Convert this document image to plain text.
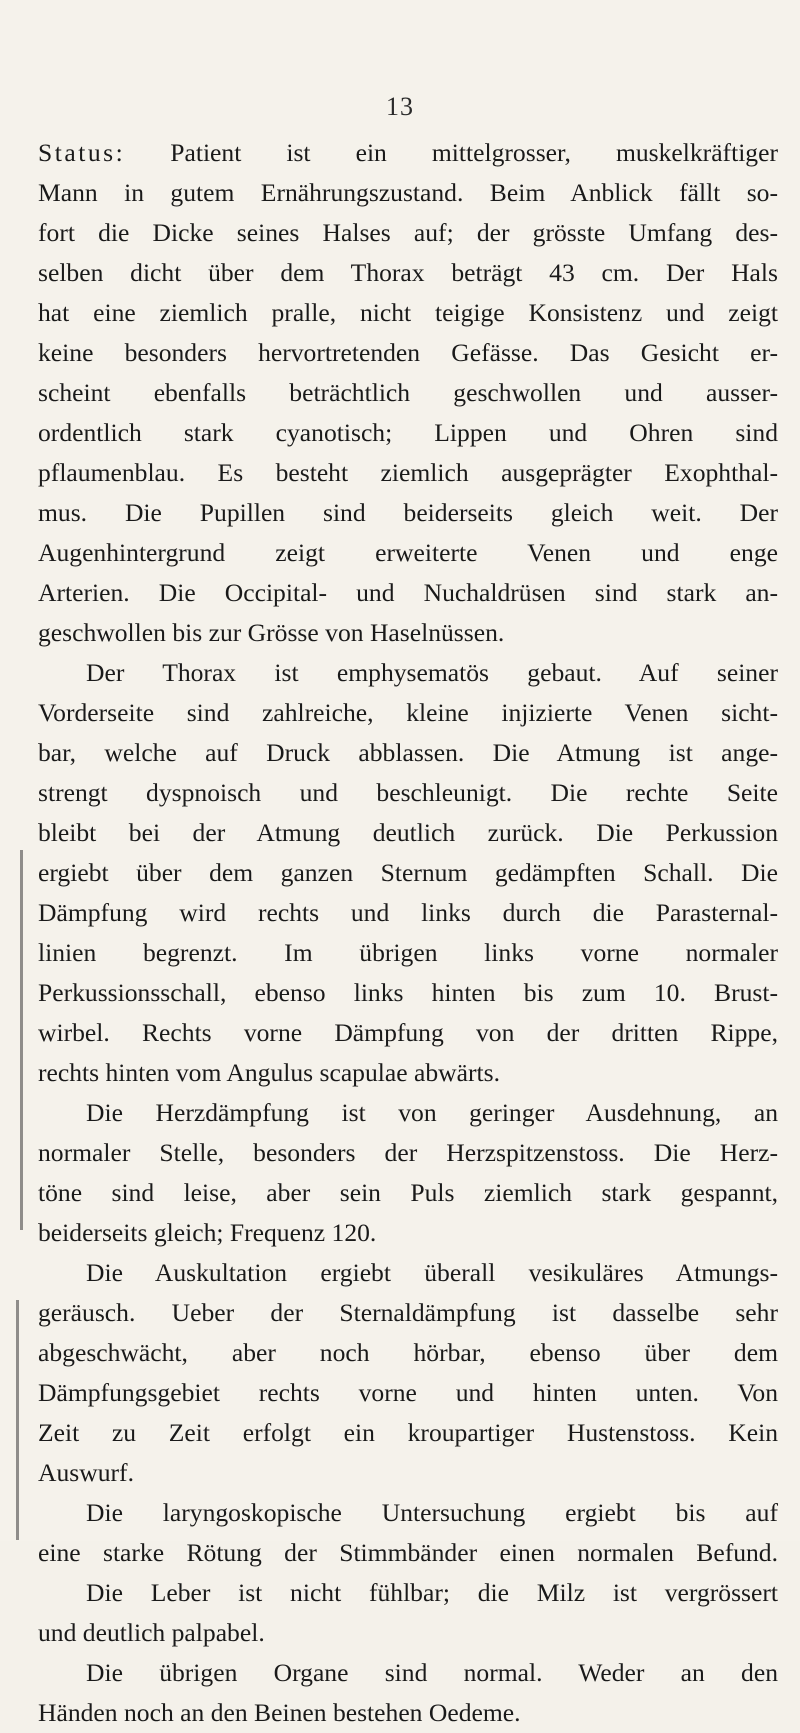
13
Status: Patient ist ein mittelgrosser, muskelkräftiger
Mann in gutem Ernährungszustand. Beim Anblick fällt so-
fort die Dicke seines Halses auf; der grösste Umfang des-
selben dicht über dem Thorax beträgt 43 cm. Der Hals
hat eine ziemlich pralle, nicht teigige Konsistenz und zeigt
keine besonders hervortretenden Gefässe. Das Gesicht er-
scheint ebenfalls beträchtlich geschwollen und ausser-
ordentlich stark cyanotisch; Lippen und Ohren sind
pflaumenblau. Es besteht ziemlich ausgeprägter Exophthal-
mus. Die Pupillen sind beiderseits gleich weit. Der
Augenhintergrund zeigt erweiterte Venen und enge
Arterien. Die Occipital- und Nuchaldrüsen sind stark an-
geschwollen bis zur Grösse von Haselnüssen.
Der Thorax ist emphysematös gebaut. Auf seiner
Vorderseite sind zahlreiche, kleine injizierte Venen sicht-
bar, welche auf Druck abblassen. Die Atmung ist ange-
strengt dyspnoisch und beschleunigt. Die rechte Seite
bleibt bei der Atmung deutlich zurück. Die Perkussion
ergiebt über dem ganzen Sternum gedämpften Schall. Die
Dämpfung wird rechts und links durch die Parasternal-
linien begrenzt. Im übrigen links vorne normaler
Perkussionsschall, ebenso links hinten bis zum 10. Brust-
wirbel. Rechts vorne Dämpfung von der dritten Rippe,
rechts hinten vom Angulus scapulae abwärts.
Die Herzdämpfung ist von geringer Ausdehnung, an
normaler Stelle, besonders der Herzspitzenstoss. Die Herz-
töne sind leise, aber sein Puls ziemlich stark gespannt,
beiderseits gleich; Frequenz 120.
Die Auskultation ergiebt überall vesikuläres Atmungs-
geräusch. Ueber der Sternaldämpfung ist dasselbe sehr
abgeschwächt, aber noch hörbar, ebenso über dem
Dämpfungsgebiet rechts vorne und hinten unten. Von
Zeit zu Zeit erfolgt ein kroupartiger Hustenstoss. Kein
Auswurf.
Die laryngoskopische Untersuchung ergiebt bis auf
eine starke Rötung der Stimmbänder einen normalen Befund.
Die Leber ist nicht fühlbar; die Milz ist vergrössert
und deutlich palpabel.
Die übrigen Organe sind normal. Weder an den
Händen noch an den Beinen bestehen Oedeme.
